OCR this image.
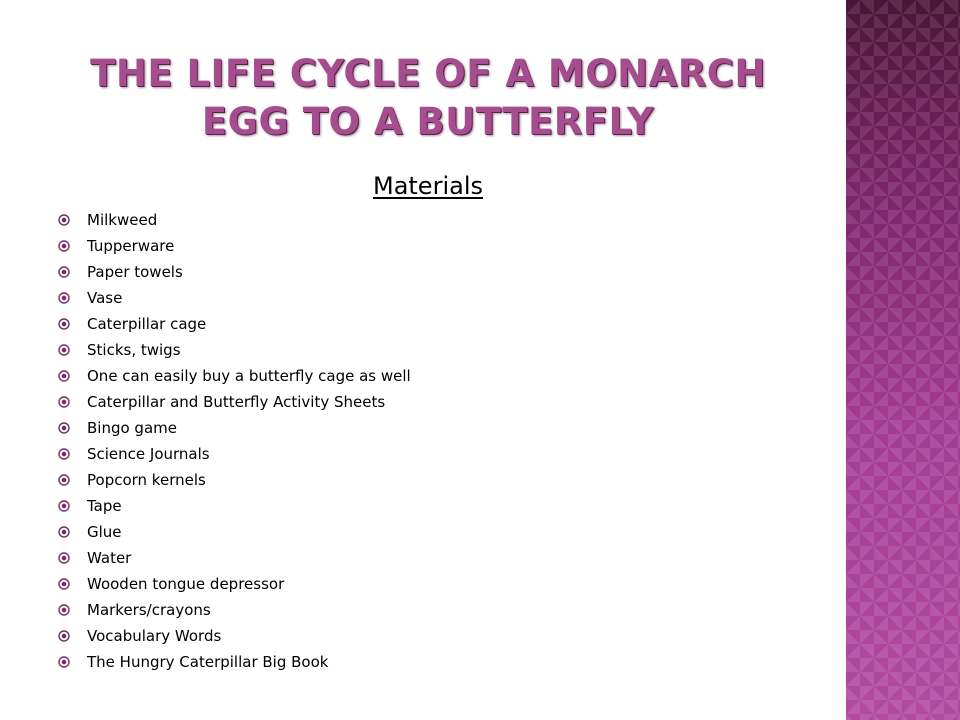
THE LIFE CYCLE OF A MONARCH EGG TO A BUTTERFLY

Materials

Milkweed
Tupperware
Paper towels
Vase
Caterpillar cage
Sticks, twigs
One can easily buy a butterfly cage as well
Caterpillar and Butterfly Activity Sheets
Bingo game
Science Journals
Popcorn kernels
Tape
Glue
Water
Wooden tongue depressor
Markers/crayons
Vocabulary Words
The Hungry Caterpillar Big Book
